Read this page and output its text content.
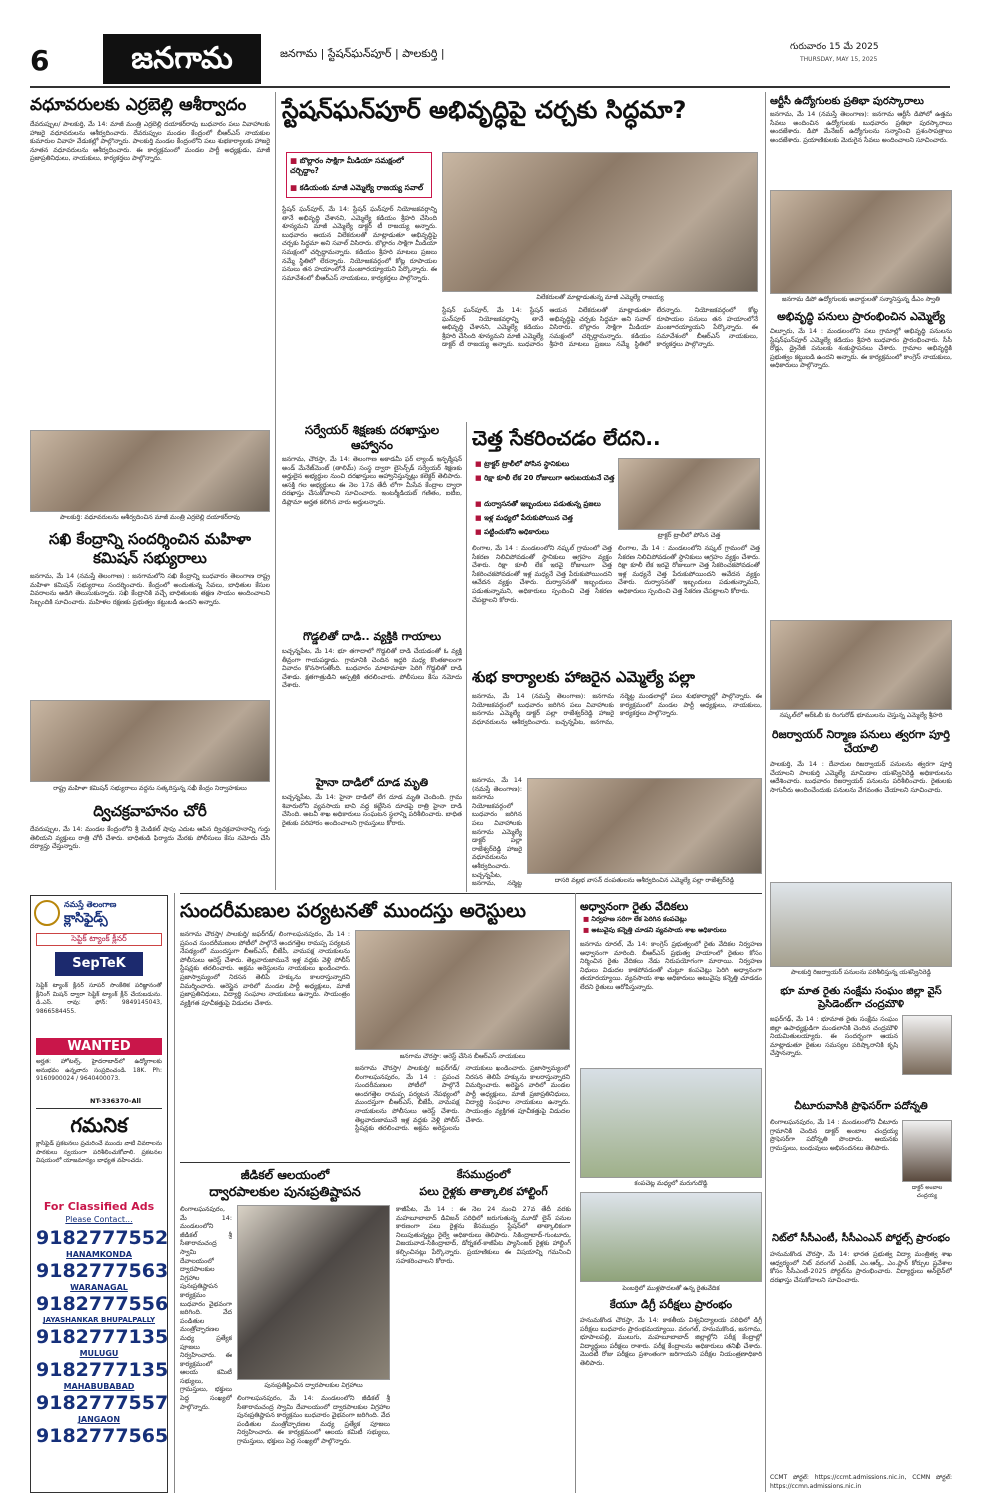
6	జనగామ	జనగామ | స్టేషన్‌ఘన్‌పూర్ | పాలకుర్తి |	గురువారం 15 మే 2025
THURSDAY, MAY 15, 2025
వధూవరులకు ఎర్రబెల్లి ఆశీర్వాదం
దేవరుప్పుల/ పాలకుర్తి, మే 14: మాజీ మంత్రి ఎర్రబెల్లి దయాకర్‌రావు బుధవారం పలు వివాహాలకు హాజరై వధూవరులను ఆశీర్వదించారు. దేవరుప్పుల మండల కేంద్రంలో బీఆర్‌ఎస్ నాయకుల కుమారుల వివాహ వేడుకల్లో పాల్గొన్నారు. పాలకుర్తి మండల కేంద్రంలోని పలు శుభకార్యాలకు హాజరై నూతన వధూవరులను ఆశీర్వదించారు. ఈ కార్యక్రమంలో మండల పార్టీ అధ్యక్షుడు, మాజీ ప్రజాప్రతినిధులు, నాయకులు, కార్యకర్తలు పాల్గొన్నారు.
పాలకుర్తి: వధూవరులను ఆశీర్వదించిన మాజీ మంత్రి ఎర్రబెల్లి దయాకర్‌రావు
సఖి కేంద్రాన్ని సందర్శించిన మహిళా కమిషన్ సభ్యురాలు
జనగామ, మే 14 (నమస్తే తెలంగాణ) : జనగామలోని సఖి కేంద్రాన్ని బుధవారం తెలంగాణ రాష్ట్ర మహిళా కమిషన్ సభ్యురాలు సందర్శించారు. కేంద్రంలో అందుతున్న సేవలు, బాధితుల కేసుల వివరాలను అడిగి తెలుసుకున్నారు. సఖి కేంద్రానికి వచ్చే బాధితులకు తక్షణ సాయం అందించాలని సిబ్బందికి సూచించారు. మహిళల రక్షణకు ప్రభుత్వం కట్టుబడి ఉందని అన్నారు.
రాష్ట్ర మహిళా కమిషన్ సభ్యురాలు వద్దను సత్కరిస్తున్న సఖీ కేంద్రం నిర్వాహకులు
ద్విచక్రవాహనం చోరీ
దేవరుప్పుల, మే 14: మండల కేంద్రంలోని శ్రీ మెడికల్ షాపు ఎదుట ఆపిన ద్విచక్రవాహనాన్ని గుర్తు తెలియని వ్యక్తులు రాత్రి చోరీ చేశారు. బాధితుడి ఫిర్యాదు మేరకు పోలీసులు కేసు నమోదు చేసి దర్యాప్తు చేస్తున్నారు.
నమస్తే తెలంగాణ
క్లాసిఫైడ్స్
సెప్టిక్ ట్యాంక్ క్లీనర్
SepTeK
సెప్టిక్ ట్యాంక్ క్లీనర్ సూపర్ సాంకేతిక పరిజ్ఞానంతో క్లీనింగ్ మిషన్ ద్వారా సెప్టిక్ ట్యాంక్ క్లీన్ చేయబడును. డి.ఎస్. రావు: ఫోన్: 9849145043, 9866584455.
WANTED
అర్హత: హోటల్స్, హైదరాబాద్‌లో ఉద్యోగాలకు అనుభవం ఉన్నవారు సంప్రదించండి. 18K. Ph: 9160900024 / 9640400073.
NT-336370-All
గమనిక
క్లాసిఫైడ్ ప్రకటనలు ప్రచురించే ముందు వాటి వివరాలను పాఠకులు స్వయంగా పరిశీలించుకోవాలి. ప్రకటనల విషయంలో యాజమాన్యం బాధ్యత వహించదు.
For Classified Ads
Please Contact...
9182777552
HANAMKONDA
9182777563
WARANAGAL
9182777556
JAYASHANKAR BHUPALPALLY
9182777135
MULUGU
9182777135
MAHABUBABAD
9182777557
JANGAON
9182777565
స్టేషన్‌ఘన్‌పూర్ అభివృద్ధిపై చర్చకు సిద్ధమా?
■ బొల్లారం సాక్షిగా మీడియా సమక్షంలో చర్చిద్దాం?
■ కడియంకు మాజీ ఎమ్మెల్యే రాజయ్య సవాల్
స్టేషన్ ఘన్‌పూర్, మే 14: స్టేషన్ ఘన్‌పూర్ నియోజకవర్గాన్ని తానే అభివృద్ధి చేశానని, ఎమ్మెల్యే కడియం శ్రీహరి చేసింది శూన్యమని మాజీ ఎమ్మెల్యే డాక్టర్ టీ రాజయ్య అన్నారు. బుధవారం ఆయన విలేకరులతో మాట్లాడుతూ అభివృద్ధిపై చర్చకు సిద్ధమా అని సవాల్ విసిరారు. బొల్లారం సాక్షిగా మీడియా సమక్షంలో చర్చిద్దామన్నారు. కడియం శ్రీహరి మాటలు ప్రజలు నమ్మే స్థితిలో లేరన్నారు. నియోజకవర్గంలో కోట్ల రూపాయల పనులు తన హయాంలోనే మంజూరయ్యాయని పేర్కొన్నారు. ఈ సమావేశంలో బీఆర్‌ఎస్ నాయకులు, కార్యకర్తలు పాల్గొన్నారు.
విలేకరులతో మాట్లాడుతున్న మాజీ ఎమ్మెల్యే రాజయ్య
స్టేషన్ ఘన్‌పూర్, మే 14: స్టేషన్ ఘన్‌పూర్ నియోజకవర్గాన్ని తానే అభివృద్ధి చేశానని, ఎమ్మెల్యే కడియం శ్రీహరి చేసింది శూన్యమని మాజీ ఎమ్మెల్యే డాక్టర్ టీ రాజయ్య అన్నారు. బుధవారం ఆయన విలేకరులతో మాట్లాడుతూ అభివృద్ధిపై చర్చకు సిద్ధమా అని సవాల్ విసిరారు. బొల్లారం సాక్షిగా మీడియా సమక్షంలో చర్చిద్దామన్నారు. కడియం శ్రీహరి మాటలు ప్రజలు నమ్మే స్థితిలో లేరన్నారు. నియోజకవర్గంలో కోట్ల రూపాయల పనులు తన హయాంలోనే మంజూరయ్యాయని పేర్కొన్నారు. ఈ సమావేశంలో బీఆర్‌ఎస్ నాయకులు, కార్యకర్తలు పాల్గొన్నారు.
సర్వేయర్ శిక్షణకు దరఖాస్తుల ఆహ్వానం
జనగామ, చౌరస్తా, మే 14: తెలంగాణ అకాడమీ ఫర్ ల్యాండ్ ఇన్ఫర్మేషన్ అండ్ మేనేజ్‌మెంట్ (తాలిమ్) సంస్థ ద్వారా లైసెన్స్‌డ్ సర్వేయర్ శిక్షణకు అర్హులైన అభ్యర్థుల నుంచి దరఖాస్తులు ఆహ్వానిస్తున్నట్లు కలెక్టర్ తెలిపారు. ఆసక్తి గల అభ్యర్థులు ఈ నెల 17వ తేదీ లోగా మీసేవ కేంద్రాల ద్వారా దరఖాస్తు చేసుకోవాలని సూచించారు. ఇంటర్మీడియట్ గణితం, ఐటీఐ, డిప్లొమా అర్హత కలిగిన వారు అర్హులన్నారు.
గొడ్డలితో దాడి.. వ్యక్తికి గాయాలు
బచ్చన్నపేట, మే 14: భూ తగాదాలో గొడ్డలితో దాడి చేయడంతో ఓ వ్యక్తి తీవ్రంగా గాయపడ్డాడు. గ్రామానికి చెందిన ఇద్దరి మధ్య కొంతకాలంగా వివాదం కొనసాగుతోంది. బుధవారం మాటామాటా పెరిగి గొడ్డలితో దాడి చేశాడు. క్షతగాత్రుడిని ఆస్పత్రికి తరలించారు. పోలీసులు కేసు నమోదు చేశారు.
హైనా దాడిలో దూడ మృతి
బచ్చన్నపేట, మే 14: హైనా దాడిలో లేగ దూడ మృతి చెందింది. గ్రామ శివారులోని వ్యవసాయ బావి వద్ద కట్టేసిన దూడపై రాత్రి హైనా దాడి చేసింది. అటవీ శాఖ అధికారులు సంఘటన స్థలాన్ని పరిశీలించారు. బాధిత రైతుకు పరిహారం అందించాలని గ్రామస్తులు కోరారు.
చెత్త సేకరించడం లేదని..
■ ట్రాక్టర్ ట్రాలీలో పోసిన స్థానికులు
■ రిక్షా కూలీ లేక 20 రోజులుగా ఆరుబయటనే చెత్త
■ దుర్వాసనతో ఇబ్బందులు పడుతున్న ప్రజలు
■ ఇళ్ల మధ్యలో పేరుకుపోయిన చెత్త
■ పట్టించుకోని అధికారులు
లింగాల, మే 14 : మండలంలోని నష్కల్ గ్రామంలో చెత్త సేకరణ నిలిచిపోవడంతో స్థానికులు ఆగ్రహం వ్యక్తం చేశారు. రిక్షా కూలీ లేక ఇరవై రోజులుగా చెత్త సేకరించకపోవడంతో ఇళ్ల మధ్యనే చెత్త పేరుకుపోయిందని ఆవేదన వ్యక్తం చేశారు. దుర్వాసనతో ఇబ్బందులు పడుతున్నామని, అధికారులు స్పందించి చెత్త సేకరణ చేపట్టాలని కోరారు.
ట్రాక్టర్ ట్రాలీలో పోసిన చెత్త
లింగాల, మే 14 : మండలంలోని నష్కల్ గ్రామంలో చెత్త సేకరణ నిలిచిపోవడంతో స్థానికులు ఆగ్రహం వ్యక్తం చేశారు. రిక్షా కూలీ లేక ఇరవై రోజులుగా చెత్త సేకరించకపోవడంతో ఇళ్ల మధ్యనే చెత్త పేరుకుపోయిందని ఆవేదన వ్యక్తం చేశారు. దుర్వాసనతో ఇబ్బందులు పడుతున్నామని, అధికారులు స్పందించి చెత్త సేకరణ చేపట్టాలని కోరారు.
శుభ కార్యాలకు హాజరైన ఎమ్మెల్యే పల్లా
జనగామ, మే 14 (నమస్తే తెలంగాణ): జనగామ నియోజకవర్గంలో బుధవారం జరిగిన పలు వివాహాలకు జనగామ ఎమ్మెల్యే డాక్టర్ పల్లా రాజేశ్వర్‌రెడ్డి హాజరై వధూవరులను ఆశీర్వదించారు. బచ్చన్నపేట, జనగామ, నర్మెట్ట మండలాల్లో పలు శుభకార్యాల్లో పాల్గొన్నారు. ఈ కార్యక్రమంలో మండల పార్టీ అధ్యక్షులు, నాయకులు, కార్యకర్తలు పాల్గొన్నారు.
జనగామ, మే 14 (నమస్తే తెలంగాణ): జనగామ నియోజకవర్గంలో బుధవారం జరిగిన పలు వివాహాలకు జనగామ ఎమ్మెల్యే డాక్టర్ పల్లా రాజేశ్వర్‌రెడ్డి హాజరై వధూవరులను ఆశీర్వదించారు. బచ్చన్నపేట, జనగామ, నర్మెట్ట	దాసరి వల్లభ వాసన్ దంపతులను ఆశీర్వదించిన ఎమ్మెల్యే పల్లా రాజేశ్వర్‌రెడ్డి
సుందరీమణుల పర్యటనతో ముందస్తు అరెస్టులు
జనగామ చౌరస్తా/ పాలకుర్తి/ జఫర్‌గడ్/ లింగాలఘనపురం, మే 14 : ప్రపంచ సుందరీమణుల పోటీలో పాల్గొనే అందగత్తెల రామప్ప పర్యటన నేపథ్యంలో ముందస్తుగా బీఆర్‌ఎస్, బీజేపీ, వామపక్ష నాయకులను పోలీసులు అరెస్ట్ చేశారు. తెల్లవారుజామునే ఇళ్ల వద్దకు వెళ్లి పోలీస్ స్టేషన్లకు తరలించారు. అక్రమ అరెస్టులను నాయకులు ఖండించారు. ప్రజాస్వామ్యంలో నిరసన తెలిపే హక్కును కాలరాస్తున్నారని విమర్శించారు. అరెస్టైన వారిలో మండల పార్టీ అధ్యక్షులు, మాజీ ప్రజాప్రతినిధులు, విద్యార్థి సంఘాల నాయకులు ఉన్నారు. సాయంత్రం వ్యక్తిగత పూచీకత్తుపై విడుదల చేశారు.
జనగామ చౌరస్తా: అరెస్ట్ చేసిన బీఆర్‌ఎస్ నాయకులు
జనగామ చౌరస్తా/ పాలకుర్తి/ జఫర్‌గడ్/ లింగాలఘనపురం, మే 14 : ప్రపంచ సుందరీమణుల పోటీలో పాల్గొనే అందగత్తెల రామప్ప పర్యటన నేపథ్యంలో ముందస్తుగా బీఆర్‌ఎస్, బీజేపీ, వామపక్ష నాయకులను పోలీసులు అరెస్ట్ చేశారు. తెల్లవారుజామునే ఇళ్ల వద్దకు వెళ్లి పోలీస్ స్టేషన్లకు తరలించారు. అక్రమ అరెస్టులను నాయకులు ఖండించారు. ప్రజాస్వామ్యంలో నిరసన తెలిపే హక్కును కాలరాస్తున్నారని విమర్శించారు. అరెస్టైన వారిలో మండల పార్టీ అధ్యక్షులు, మాజీ ప్రజాప్రతినిధులు, విద్యార్థి సంఘాల నాయకులు ఉన్నారు. సాయంత్రం వ్యక్తిగత పూచీకత్తుపై విడుదల చేశారు.
అధ్వానంగా రైతు వేదికలు
■ నిర్వహణ సరిగా లేక పెరిగిన కంపచెట్లు
■ అటువైపు కన్నెత్తి చూడని వ్యవసాయ శాఖ అధికారులు
జనగామ రూరల్, మే 14: కాంగ్రెస్ ప్రభుత్వంలో రైతు వేదికల నిర్వహణ అధ్వానంగా మారింది. బీఆర్‌ఎస్ ప్రభుత్వ హయాంలో రైతుల కోసం నిర్మించిన రైతు వేదికలు నేడు నిరుపయోగంగా మారాయి. నిర్వహణ నిధులు విడుదల కాకపోవడంతో చుట్టూ కంపచెట్లు పెరిగి అధ్వానంగా తయారయ్యాయి. వ్యవసాయ శాఖ అధికారులు అటువైపు కన్నెత్తి చూడడం లేదని రైతులు ఆరోపిస్తున్నారు.
కంపచెట్ల మధ్యలో మరుగుదొడ్డి
పెంబర్తిలో ముళ్లపొదలతో ఉన్న రైతువేదిక
జీడికల్ ఆలయంలో
ద్వారపాలకుల పునఃప్రతిష్టాపన
లింగాలఘనపురం, మే 14: మండలంలోని జీడికల్ శ్రీ సీతారామచంద్ర స్వామి దేవాలయంలో ద్వారపాలకుల విగ్రహాల పునఃప్రతిష్టాపన కార్యక్రమం బుధవారం వైభవంగా జరిగింది. వేద పండితుల మంత్రోచ్ఛారణల మధ్య ప్రత్యేక పూజలు నిర్వహించారు. ఈ కార్యక్రమంలో ఆలయ కమిటీ సభ్యులు, గ్రామస్తులు, భక్తులు పెద్ద సంఖ్యలో పాల్గొన్నారు.
పునఃప్రతిష్టించిన ద్వారపాలకుల విగ్రహాలు
లింగాలఘనపురం, మే 14: మండలంలోని జీడికల్ శ్రీ సీతారామచంద్ర స్వామి దేవాలయంలో ద్వారపాలకుల విగ్రహాల పునఃప్రతిష్టాపన కార్యక్రమం బుధవారం వైభవంగా జరిగింది. వేద పండితుల మంత్రోచ్ఛారణల మధ్య ప్రత్యేక పూజలు నిర్వహించారు. ఈ కార్యక్రమంలో ఆలయ కమిటీ సభ్యులు, గ్రామస్తులు, భక్తులు పెద్ద సంఖ్యలో పాల్గొన్నారు.
కేసముద్రంలో
పలు రైళ్లకు తాత్కాలిక హాల్టింగ్
కాజీపేట, మే 14 : ఈ నెల 24 నుంచి 27వ తేదీ వరకు మహబూబాబాద్ డివిజన్ పరిధిలో జరుగుతున్న మూడో లైన్ పనుల కారణంగా పలు రైళ్లను కేసముద్రం స్టేషన్‌లో తాత్కాలికంగా నిలుపుతున్నట్లు రైల్వే అధికారులు తెలిపారు. సికింద్రాబాద్-గుంటూరు, విజయవాడ-సికింద్రాబాద్, డోర్నకల్-కాజీపేట ప్యాసింజర్ రైళ్లకు హాల్టింగ్ కల్పించినట్లు పేర్కొన్నారు. ప్రయాణికులు ఈ విషయాన్ని గమనించి సహకరించాలని కోరారు.
కేయూ డిగ్రీ పరీక్షలు ప్రారంభం
హనుమకొండ చౌరస్తా, మే 14: కాకతీయ విశ్వవిద్యాలయ పరిధిలో డిగ్రీ పరీక్షలు బుధవారం ప్రారంభమయ్యాయి. వరంగల్, హనుమకొండ, జనగామ, భూపాలపల్లి, ములుగు, మహబూబాబాద్ జిల్లాల్లోని పరీక్ష కేంద్రాల్లో విద్యార్థులు పరీక్షలు రాశారు. పరీక్ష కేంద్రాలను అధికారులు తనిఖీ చేశారు. మొదటి రోజు పరీక్షలు ప్రశాంతంగా జరిగాయని పరీక్షల నియంత్రణాధికారి తెలిపారు.
ఆర్టీసీ ఉద్యోగులకు ప్రతిభా పురస్కారాలు
జనగామ, మే 14 (నమస్తే తెలంగాణ): జనగామ ఆర్టీసీ డిపోలో ఉత్తమ సేవలు అందించిన ఉద్యోగులకు బుధవారం ప్రతిభా పురస్కారాలు అందజేశారు. డిపో మేనేజర్ ఉద్యోగులను సన్మానించి ప్రశంసాపత్రాలు అందజేశారు. ప్రయాణికులకు మెరుగైన సేవలు అందించాలని సూచించారు.
జనగామ డిపో ఉద్యోగులకు అవార్డులతో సన్మానిస్తున్న డీఎం స్వాతి
అభివృద్ధి పనులు ప్రారంభించిన ఎమ్మెల్యే
చిల్పూరు, మే 14 : మండలంలోని పలు గ్రామాల్లో అభివృద్ధి పనులను స్టేషన్‌ఘన్‌పూర్ ఎమ్మెల్యే కడియం శ్రీహరి బుధవారం ప్రారంభించారు. సీసీ రోడ్లు, డ్రైనేజీ పనులకు శంకుస్థాపనలు చేశారు. గ్రామాల అభివృద్ధికి ప్రభుత్వం కట్టుబడి ఉందని అన్నారు. ఈ కార్యక్రమంలో కాంగ్రెస్ నాయకులు, అధికారులు పాల్గొన్నారు.
నష్కల్‌లో ఆర్ఓబీ కు రింగురోడ్ భూములను చెస్తున్న ఎమ్మెల్యే శ్రీహరి
రిజర్వాయర్ నిర్మాణ పనులు త్వరగా పూర్తి చేయాలి
పాలకుర్తి, మే 14 : దేవాదుల రిజర్వాయర్ పనులను త్వరగా పూర్తి చేయాలని పాలకుర్తి ఎమ్మెల్యే మామిడాల యశస్వినిరెడ్డి అధికారులను ఆదేశించారు. బుధవారం రిజర్వాయర్ పనులను పరిశీలించారు. రైతులకు సాగునీరు అందించేందుకు పనులను వేగవంతం చేయాలని సూచించారు.
పాలకుర్తి రిజర్వాయర్ పనులను పరిశీలిస్తున్న యశస్వినిరెడ్డి
భూ మాత రైతు సంక్షేమ సంఘం జిల్లా వైస్ ప్రెసిడెంట్‌గా చంద్రమౌళి
జఫర్‌గఢ్, మే 14 : భూమాత రైతు సంక్షేమ సంఘం జిల్లా ఉపాధ్యక్షుడిగా మండలానికి చెందిన చంద్రమౌళి నియమితులయ్యారు. ఈ సందర్భంగా ఆయన మాట్లాడుతూ రైతుల సమస్యల పరిష్కారానికి కృషి చేస్తానన్నారు.
చీటూరువాసికి ప్రొఫెసర్‌గా పదోన్నతి
లింగాలఘనపురం, మే 14 : మండలంలోని చీటూరు గ్రామానికి చెందిన డాక్టర్ అంబాల చంద్రయ్య ప్రొఫెసర్‌గా పదోన్నతి పొందారు. ఆయనకు గ్రామస్తులు, బంధువులు అభినందనలు తెలిపారు.
డాక్టర్ అంబాల చంద్రయ్య
నిట్‌లో సీసీఎంటీ, సీసీఎంఎన్ పోర్టల్స్ ప్రారంభం
హనుమకొండ చౌరస్తా, మే 14: భారత ప్రభుత్వ విద్యా మంత్రిత్వ శాఖ ఆధ్వర్యంలో నిట్ వరంగల్ ఎంటెక్, ఎం.ఆర్క్, ఎం.ప్లాన్ కోర్సుల ప్రవేశాల కోసం సీసీఎంటీ-2025 పోర్టల్‌ను ప్రారంభించారు. విద్యార్థులు ఆన్‌లైన్‌లో దరఖాస్తు చేసుకోవాలని సూచించారు.
CCMT పోర్టల్: https://ccmt.admissions.nic.in, CCMN పోర్టల్: https://ccmn.admissions.nic.in
